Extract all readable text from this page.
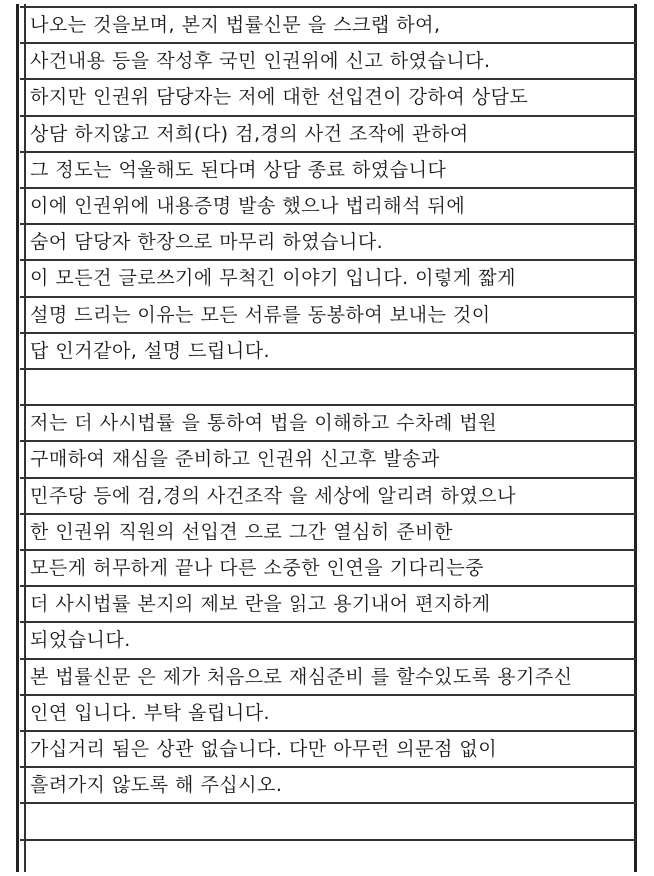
나오는 것을보며, 본지 법률신문 을 스크랩 하여,
사건내용 등을 작성후 국민 인권위에 신고 하였습니다.
하지만 인권위 담당자는 저에 대한 선입견이 강하여 상담도
상담 하지않고 저희(다) 검,경의 사건 조작에 관하여
그 정도는 억울해도 된다며 상담 종료 하였습니다
이에 인권위에 내용증명 발송 했으나 법리해석 뒤에
숨어 담당자 한장으로 마무리 하였습니다.
이 모든건 글로쓰기에 무척긴 이야기 입니다. 이렇게 짧게
설명 드리는 이유는 모든 서류를 동봉하여 보내는 것이
답 인거같아, 설명 드립니다.
저는 더 사시법률 을 통하여 법을 이해하고 수차례 법원
구매하여 재심을 준비하고 인권위 신고후 발송과
민주당 등에 검,경의 사건조작 을 세상에 알리려 하였으나
한 인권위 직원의 선입견 으로 그간 열심히 준비한
모든게 허무하게 끝나 다른 소중한 인연을 기다리는중
더 사시법률 본지의 제보 란을 읽고 용기내어 편지하게
되었습니다.
본 법률신문 은 제가 처음으로 재심준비 를 할수있도록 용기주신
인연 입니다. 부탁 올립니다.
가십거리 됨은 상관 없습니다. 다만 아무런 의문점 없이
흘려가지 않도록 해 주십시오.
